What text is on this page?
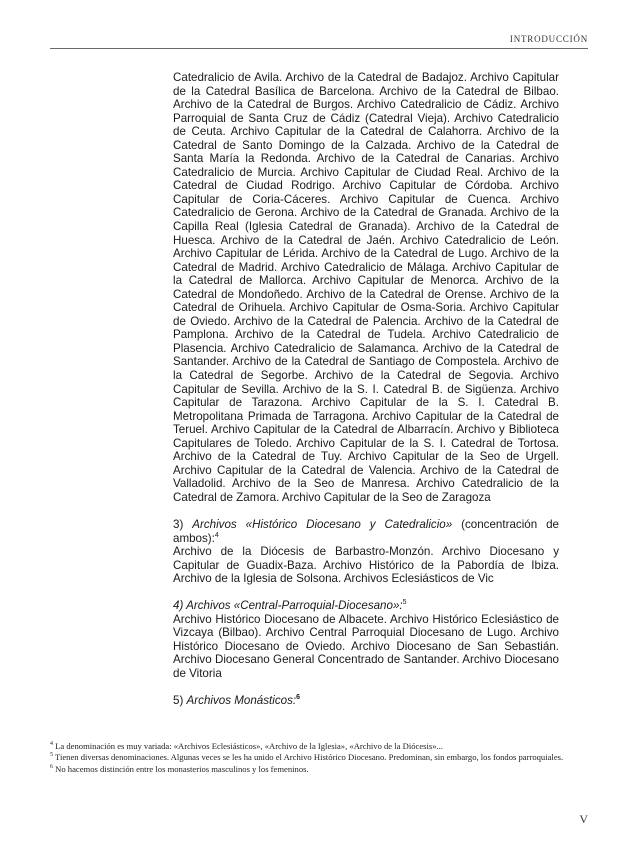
INTRODUCCIÓN

Catedralicio de Avila. Archivo de la Catedral de Badajoz. Archivo Capitular de la Catedral Basílica de Barcelona. Archivo de la Catedral de Bilbao. Archivo de la Catedral de Burgos. Archivo Catedralicio de Cádiz. Archivo Parroquial de Santa Cruz de Cádiz (Catedral Vieja). Archivo Catedralicio de Ceuta. Archivo Capitular de la Catedral de Calahorra. Archivo de la Catedral de Santo Domingo de la Calzada. Archivo de la Catedral de Santa María la Redonda. Archivo de la Catedral de Canarias. Archivo Catedralicio de Murcia. Archivo Capitular de Ciudad Real. Archivo de la Catedral de Ciudad Rodrigo. Archivo Capitular de Córdoba. Archivo Capitular de Coria-Cáceres. Archivo Capitular de Cuenca. Archivo Catedralicio de Gerona. Archivo de la Catedral de Granada. Archivo de la Capilla Real (Iglesia Catedral de Granada). Archivo de la Catedral de Huesca. Archivo de la Catedral de Jaén. Archivo Catedralicio de León. Archivo Capitular de Lérida. Archivo de la Catedral de Lugo. Archivo de la Catedral de Madrid. Archivo Catedralicio de Málaga. Archivo Capitular de la Catedral de Mallorca. Archivo Capitular de Menorca. Archivo de la Catedral de Mondoñedo. Archivo de la Catedral de Orense. Archivo de la Catedral de Orihuela. Archivo Capitular de Osma-Soria. Archivo Capitular de Oviedo. Archivo de la Catedral de Palencia. Archivo de la Catedral de Pamplona. Archivo de la Catedral de Tudela. Archivo Catedralicio de Plasencia. Archivo Catedralicio de Salamanca. Archivo de la Catedral de Santander. Archivo de la Catedral de Santiago de Compostela. Archivo de la Catedral de Segorbe. Archivo de la Catedral de Segovia. Archivo Capitular de Sevilla. Archivo de la S. I. Catedral B. de Sigüenza. Archivo Capitular de Tarazona. Archivo Capitular de la S. I. Catedral B. Metropolitana Primada de Tarragona. Archivo Capitular de la Catedral de Teruel. Archivo Capitular de la Catedral de Albarracín. Archivo y Biblioteca Capitulares de Toledo. Archivo Capitular de la S. I. Catedral de Tortosa. Archivo de la Catedral de Tuy. Archivo Capitular de la Seo de Urgell. Archivo Capitular de la Catedral de Valencia. Archivo de la Catedral de Valladolid. Archivo de la Seo de Manresa. Archivo Catedralicio de la Catedral de Zamora. Archivo Capitular de la Seo de Zaragoza

3) Archivos «Histórico Diocesano y Catedralicio» (concentración de ambos):$^4$
Archivo de la Diócesis de Barbastro-Monzón. Archivo Diocesano y Capitular de Guadix-Baza. Archivo Histórico de la Pabordía de Ibiza. Archivo de la Iglesia de Solsona. Archivos Eclesiásticos de Vic
4) Archivos «Central-Parroquial-Diocesano»:$^5$
Archivo Histórico Diocesano de Albacete. Archivo Histórico Eclesiástico de Vizcaya (Bilbao). Archivo Central Parroquial Diocesano de Lugo. Archivo Histórico Diocesano de Oviedo. Archivo Diocesano de San Sebastián. Archivo Diocesano General Concentrado de Santander. Archivo Diocesano de Vitoria
5) Archivos Monásticos:$^6$

$^4$ La denominación es muy variada: «Archivos Eclesiásticos», «Archivo de la Iglesia», «Archivo de la Diócesis»...

$^5$ Tienen diversas denominaciones. Algunas veces se les ha unido el Archivo Histórico Diocesano. Predominan, sin embargo, los fondos parroquiales.

$^6$ No hacemos distinción entre los monasterios masculinos y los femeninos.

V
